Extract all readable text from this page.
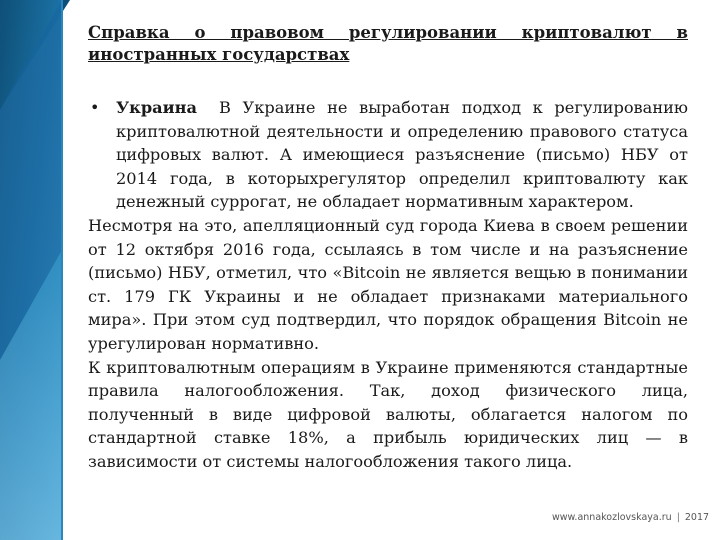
Справка о правовом регулировании криптовалют в
иностранных государствах
• Украина В Украине не выработан подход к регулированию криптовалютной деятельности и определению правового статуса цифровых валют. А имеющиеся разъяснение (письмо) НБУ от 2014 года, в которыхрегулятор определил криптовалюту как денежный суррогат, не обладает нормативным характером.

Несмотря на это, апелляционный суд города Киева в своем решении от 12 октября 2016 года, ссылаясь в том числе и на разъяснение (письмо) НБУ, отметил, что «Bitcoin не является вещью в понимании ст. 179 ГК Украины и не обладает признаками материального мира». При этом суд подтвердил, что порядок обращения Bitcoin не урегулирован нормативно.

К криптовалютным операциям в Украине применяются стандартные правила налогообложения. Так, доход физического лица, полученный в виде цифровой валюты, облагается налогом по стандартной ставке 18%, а прибыль юридических лиц — в зависимости от системы налогообложения такого лица.

www.annakozlovskaya.ru | 2017
